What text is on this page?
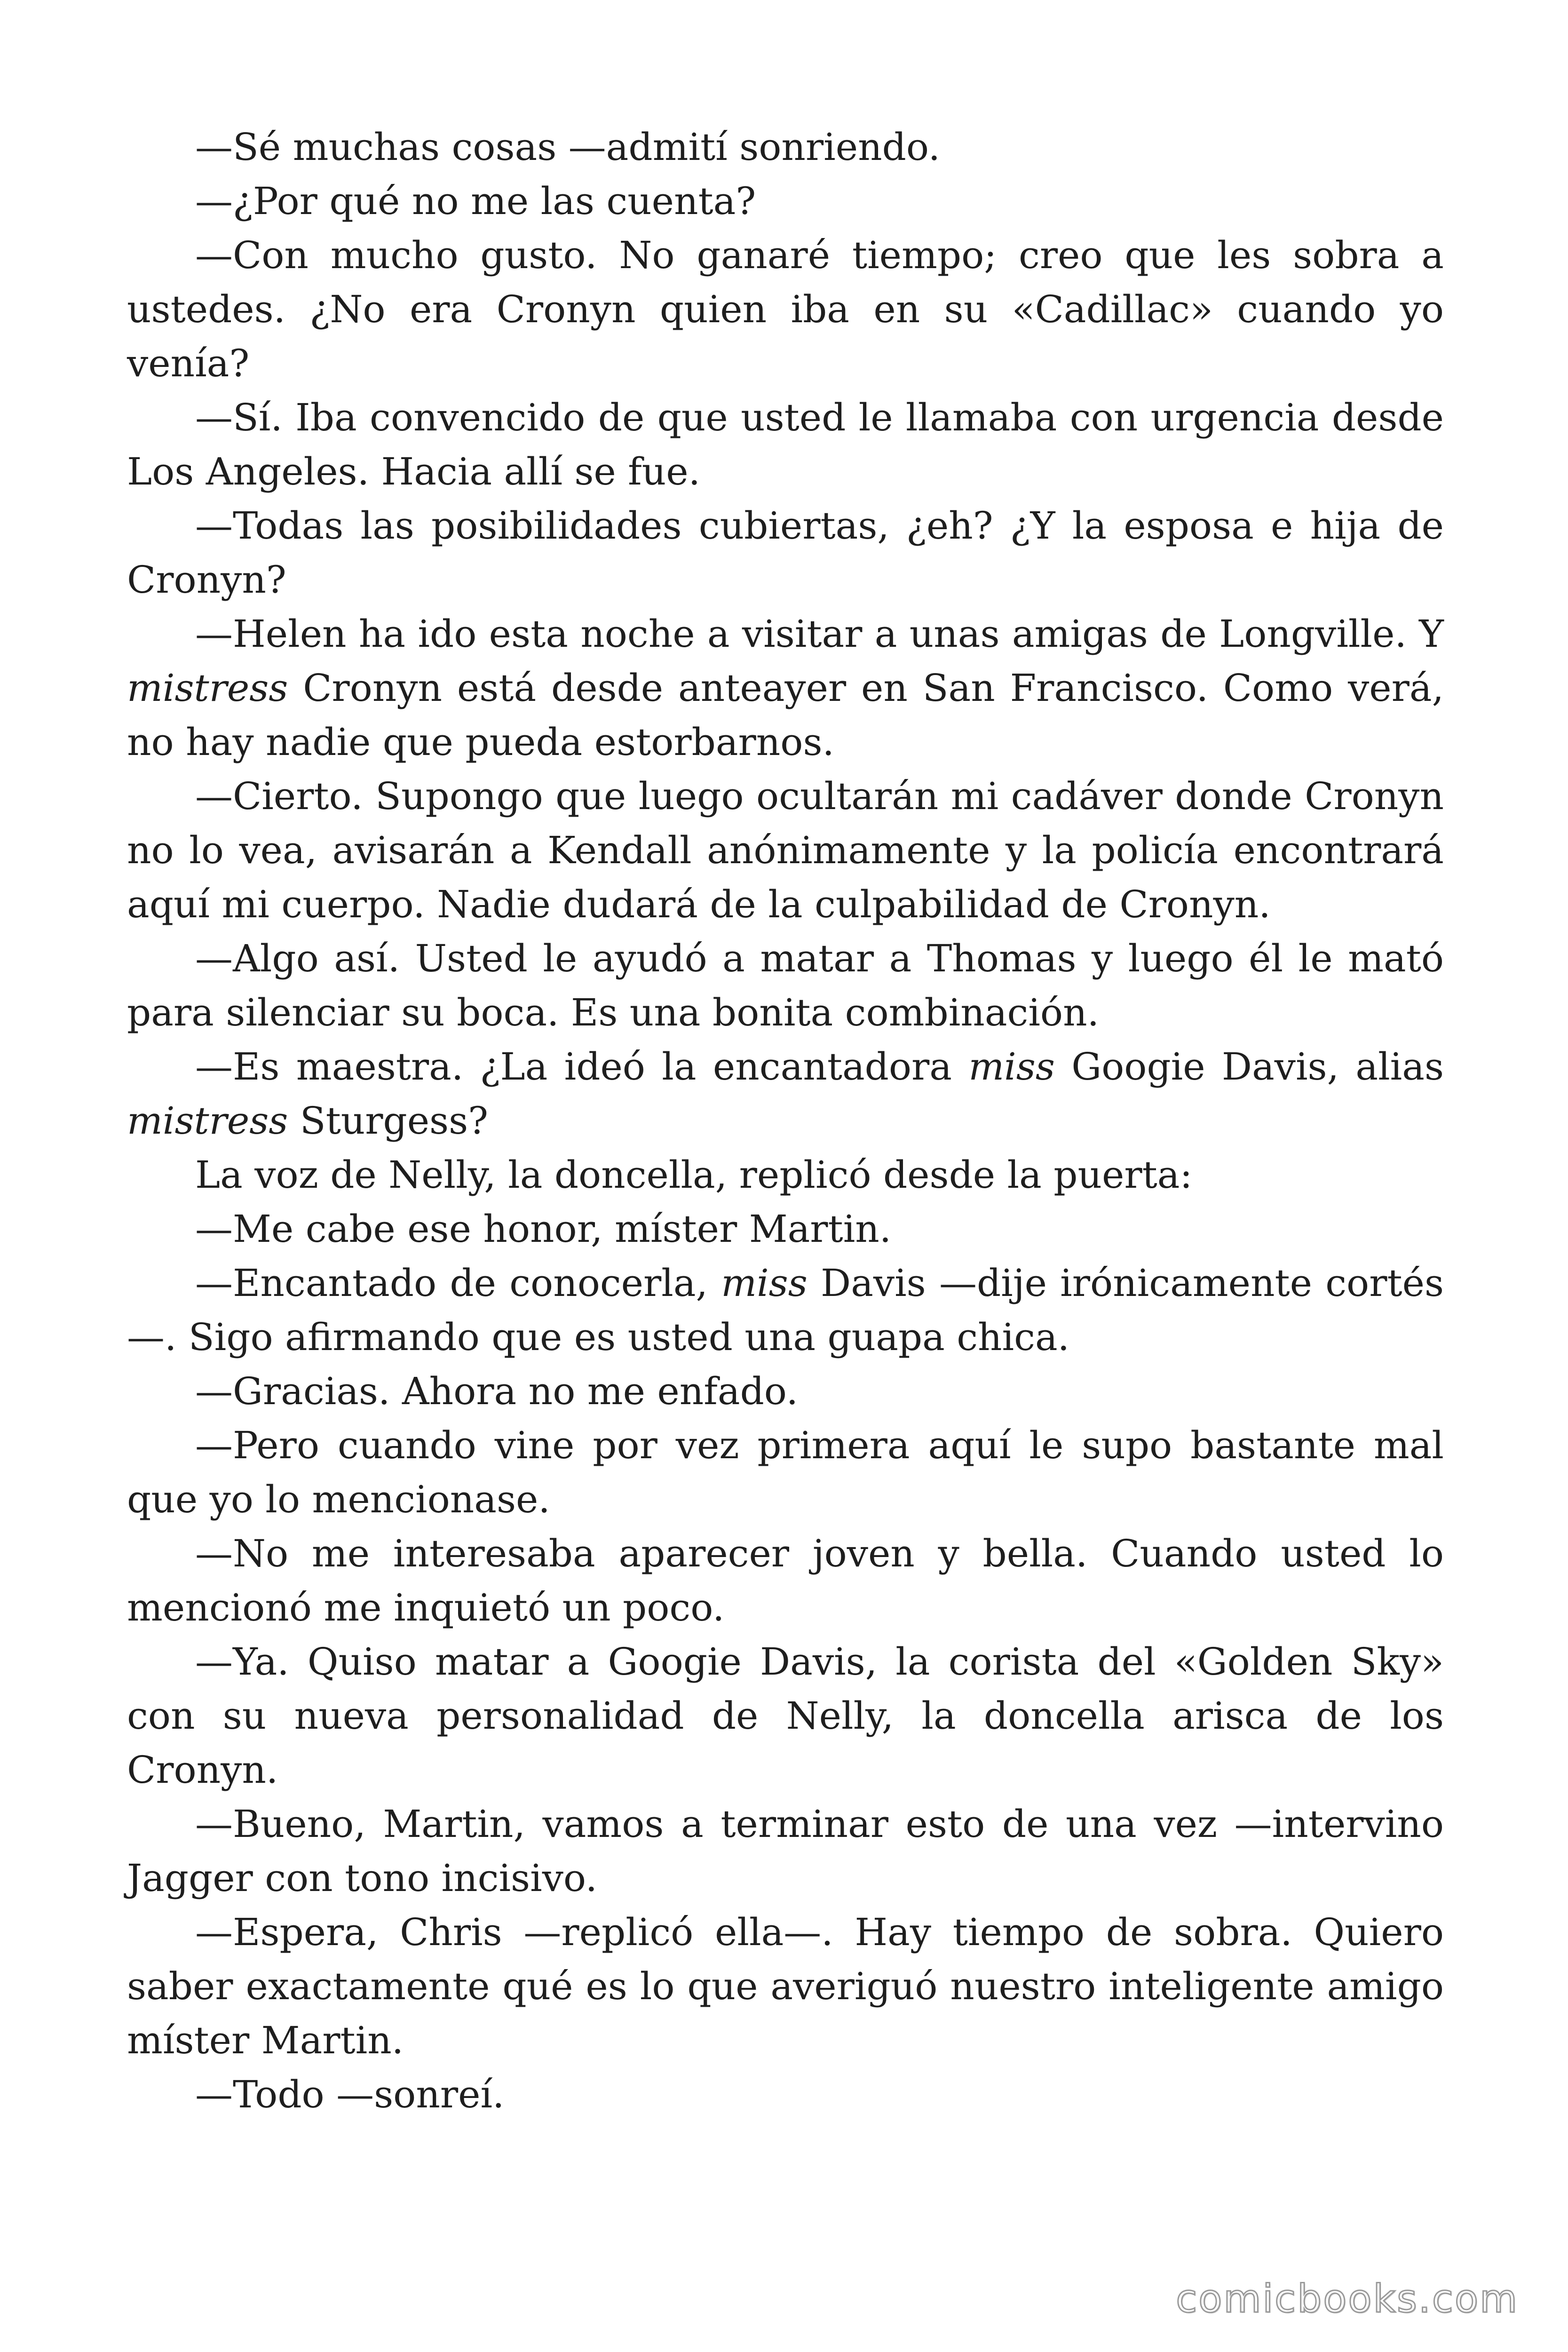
—Sé muchas cosas —admití sonriendo.

—¿Por qué no me las cuenta?

—Con mucho gusto. No ganaré tiempo; creo que les sobra a ustedes. ¿No era Cronyn quien iba en su «Cadillac» cuando yo venía?

—Sí. Iba convencido de que usted le llamaba con urgencia desde Los Angeles. Hacia allí se fue.

—Todas las posibilidades cubiertas, ¿eh? ¿Y la esposa e hija de Cronyn?

—Helen ha ido esta noche a visitar a unas amigas de Longville. Y mistress Cronyn está desde anteayer en San Francisco. Como verá, no hay nadie que pueda estorbarnos.

—Cierto. Supongo que luego ocultarán mi cadáver donde Cronyn no lo vea, avisarán a Kendall anónimamente y la policía encontrará aquí mi cuerpo. Nadie dudará de la culpabilidad de Cronyn.

—Algo así. Usted le ayudó a matar a Thomas y luego él le mató para silenciar su boca. Es una bonita combinación.

—Es maestra. ¿La ideó la encantadora miss Googie Davis, alias mistress Sturgess?

La voz de Nelly, la doncella, replicó desde la puerta:

—Me cabe ese honor, míster Martin.

—Encantado de conocerla, miss Davis —dije irónicamente cortés —. Sigo afirmando que es usted una guapa chica.

—Gracias. Ahora no me enfado.

—Pero cuando vine por vez primera aquí le supo bastante mal que yo lo mencionase.

—No me interesaba aparecer joven y bella. Cuando usted lo mencionó me inquietó un poco.

—Ya. Quiso matar a Googie Davis, la corista del «Golden Sky» con su nueva personalidad de Nelly, la doncella arisca de los Cronyn.

—Bueno, Martin, vamos a terminar esto de una vez —intervino Jagger con tono incisivo.

—Espera, Chris —replicó ella—. Hay tiempo de sobra. Quiero saber exactamente qué es lo que averiguó nuestro inteligente amigo míster Martin.

—Todo —sonreí.

comicbooks.com
